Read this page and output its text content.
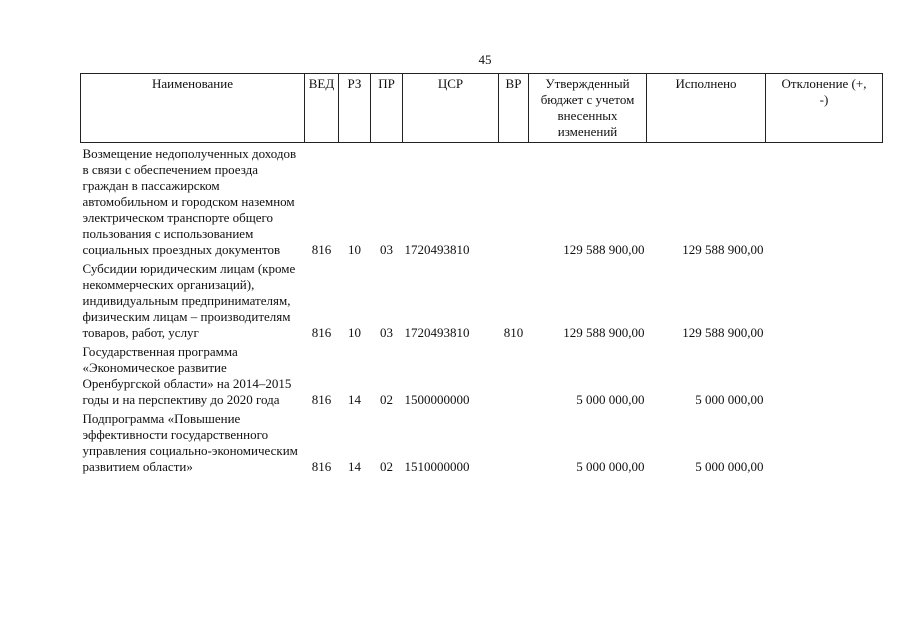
45
Наименование	ВЕД	РЗ	ПР	ЦСР	ВР	Утвержденный бюджет с учетом внесенных изменений	Исполнено	Отклонение (+, -)
Возмещение недополученных доходов в связи с обеспечением проезда граждан в пассажирском автомобильном и городском наземном электрическом транспорте общего пользования с использованием социальных проездных документов	816	10	03	1720493810		129 588 900,00	129 588 900,00	
Субсидии юридическим лицам (кроме некоммерческих организаций), индивидуальным предпринимателям, физическим лицам – производителям товаров, работ, услуг	816	10	03	1720493810	810	129 588 900,00	129 588 900,00	
Государственная программа «Экономическое развитие Оренбургской области» на 2014–2015 годы и на перспективу до 2020 года	816	14	02	1500000000		5 000 000,00	5 000 000,00	
Подпрограмма «Повышение эффективности государственного управления социально-экономическим развитием области»	816	14	02	1510000000		5 000 000,00	5 000 000,00	
